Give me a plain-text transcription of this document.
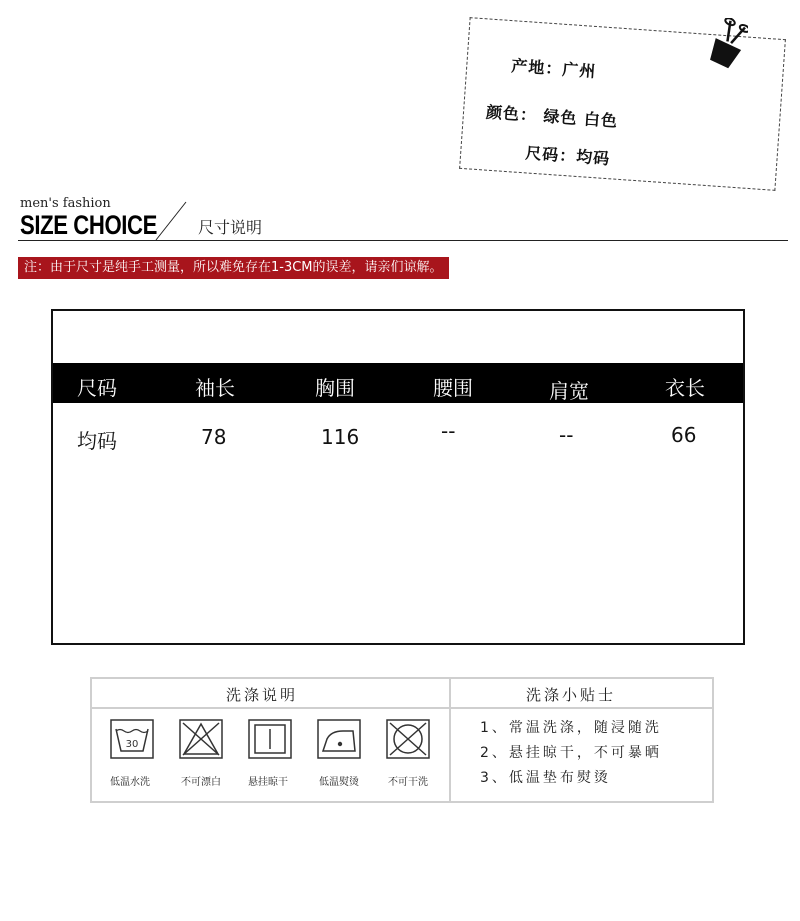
产地：广州
颜色： 绿色 白色
尺码：均码
men's fashion
SIZE CHOICE	尺寸说明
注：由于尺寸是纯手工测量，所以难免存在1-3CM的误差，请亲们谅解。
尺码	袖长	胸围	腰围	肩宽	衣长
均码	78	116	--	--	66
洗涤说明	洗涤小贴士
30
低温水洗	不可漂白	悬挂晾干	低温熨烫	不可干洗
1、常温洗涤，随浸随洗
2、悬挂晾干，不可暴晒
3、低温垫布熨烫
